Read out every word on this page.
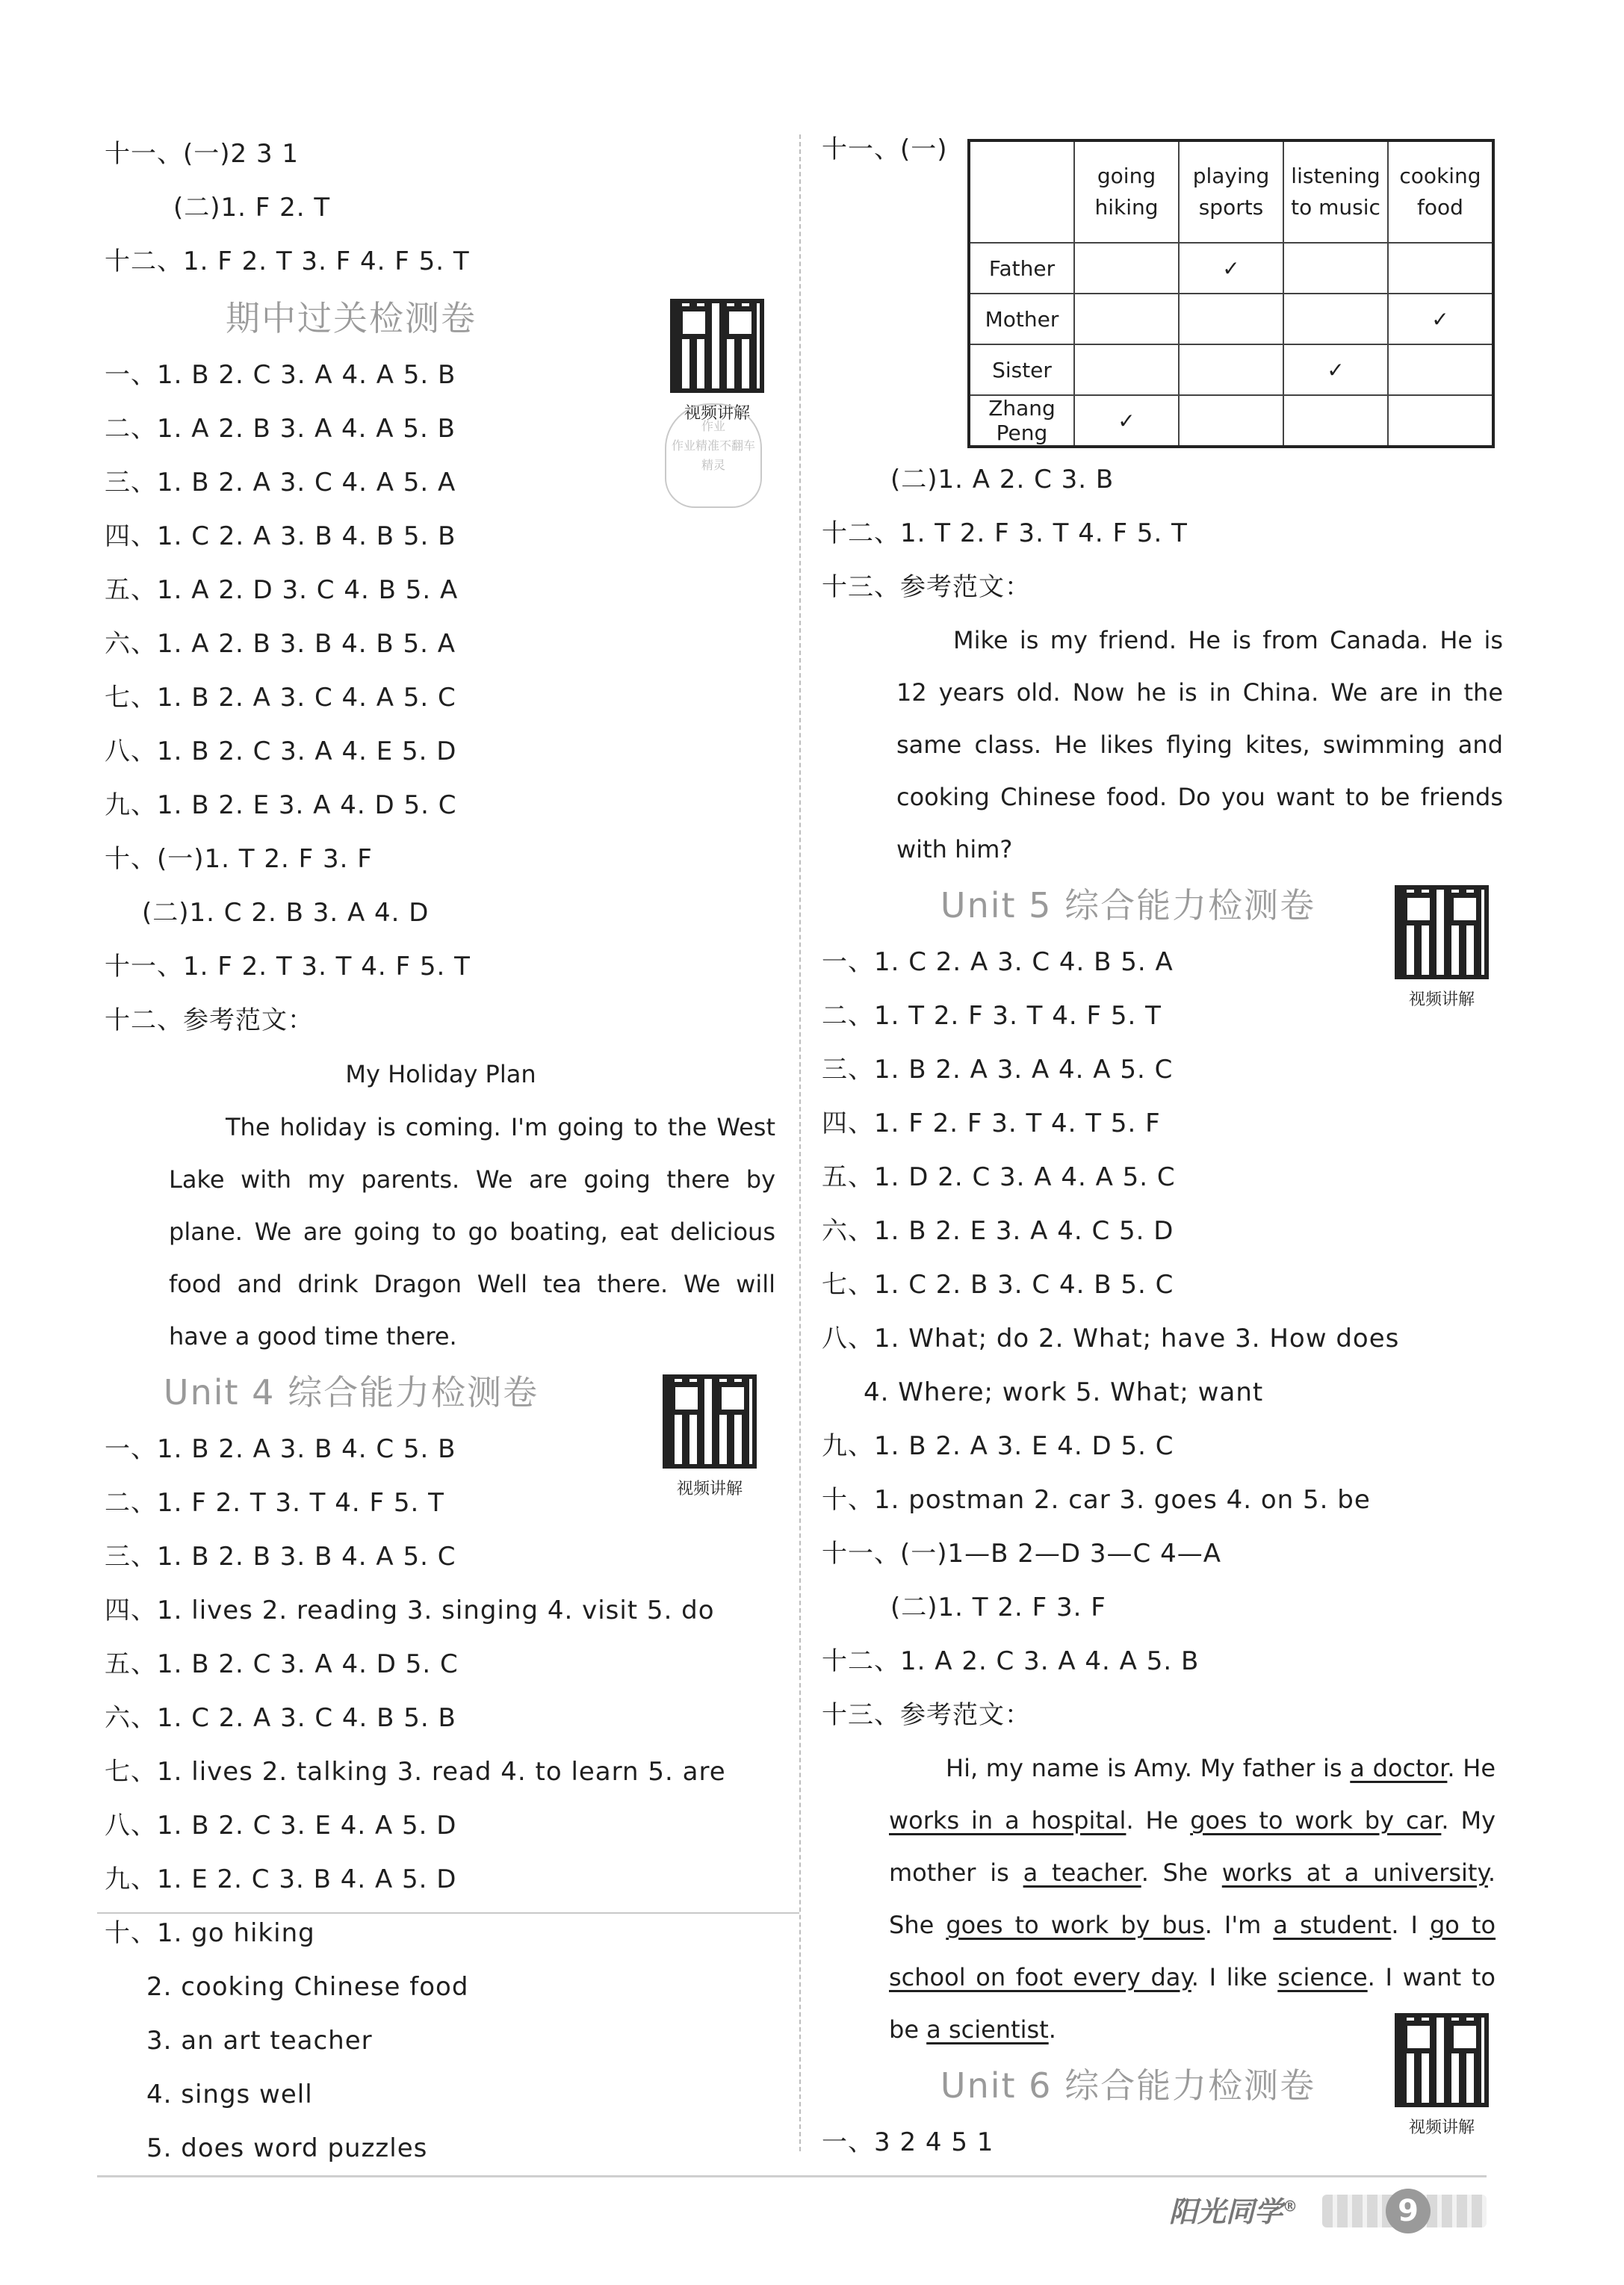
十一、(一)2 3 1
(二)1. F 2. T
十二、1. F 2. T 3. F 4. F 5. T
期中过关检测卷
一、1. B 2. C 3. A 4. A 5. B
二、1. A 2. B 3. A 4. A 5. B
三、1. B 2. A 3. C 4. A 5. A
四、1. C 2. A 3. B 4. B 5. B
五、1. A 2. D 3. C 4. B 5. A
六、1. A 2. B 3. B 4. B 5. A
七、1. B 2. A 3. C 4. A 5. C
八、1. B 2. C 3. A 4. E 5. D
九、1. B 2. E 3. A 4. D 5. C
十、(一)1. T 2. F 3. F
(二)1. C 2. B 3. A 4. D
十一、1. F 2. T 3. T 4. F 5. T
十二、参考范文：
My Holiday Plan

The holiday is coming. I'm going to the West Lake with my parents. We are going there by plane. We are going to go boating, eat delicious food and drink Dragon Well tea there. We will have a good time there.

Unit 4 综合能力检测卷
一、1. B 2. A 3. B 4. C 5. B
二、1. F 2. T 3. T 4. F 5. T
三、1. B 2. B 3. B 4. A 5. C
四、1. lives 2. reading 3. singing 4. visit 5. do
五、1. B 2. C 3. A 4. D 5. C
六、1. C 2. A 3. C 4. B 5. B
七、1. lives 2. talking 3. read 4. to learn 5. are
八、1. B 2. C 3. E 4. A 5. D
九、1. E 2. C 3. B 4. A 5. D
十、1. go hiking
2. cooking Chinese food
3. an art teacher
4. sings well
5. does word puzzles
视频讲解
作业
作业精准不翻车
精灵
视频讲解
十一、(一)
	going hiking	playing sports	listening to music	cooking food
Father		✓		
Mother				✓
Sister			✓	
Zhang Peng	✓			
(二)1. A 2. C 3. B
十二、1. T 2. F 3. T 4. F 5. T
十三、参考范文：

Mike is my friend. He is from Canada. He is 12 years old. Now he is in China. We are in the same class. He likes flying kites, swimming and cooking Chinese food. Do you want to be friends with him?

Unit 5 综合能力检测卷
一、1. C 2. A 3. C 4. B 5. A
二、1. T 2. F 3. T 4. F 5. T
三、1. B 2. A 3. A 4. A 5. C
四、1. F 2. F 3. T 4. T 5. F
五、1. D 2. C 3. A 4. A 5. C
六、1. B 2. E 3. A 4. C 5. D
七、1. C 2. B 3. C 4. B 5. C
八、1. What; do 2. What; have 3. How does
4. Where; work 5. What; want
九、1. B 2. A 3. E 4. D 5. C
十、1. postman 2. car 3. goes 4. on 5. be
十一、(一)1—B 2—D 3—C 4—A
(二)1. T 2. F 3. F
十二、1. A 2. C 3. A 4. A 5. B
十三、参考范文：

Hi, my name is Amy. My father is a doctor. He works in a hospital. He goes to work by car. My mother is a teacher. She works at a university. She goes to work by bus. I'm a student. I go to school on foot every day. I like science. I want to be a scientist.

Unit 6 综合能力检测卷
一、3 2 4 5 1
视频讲解
视频讲解
阳光同学®	9
